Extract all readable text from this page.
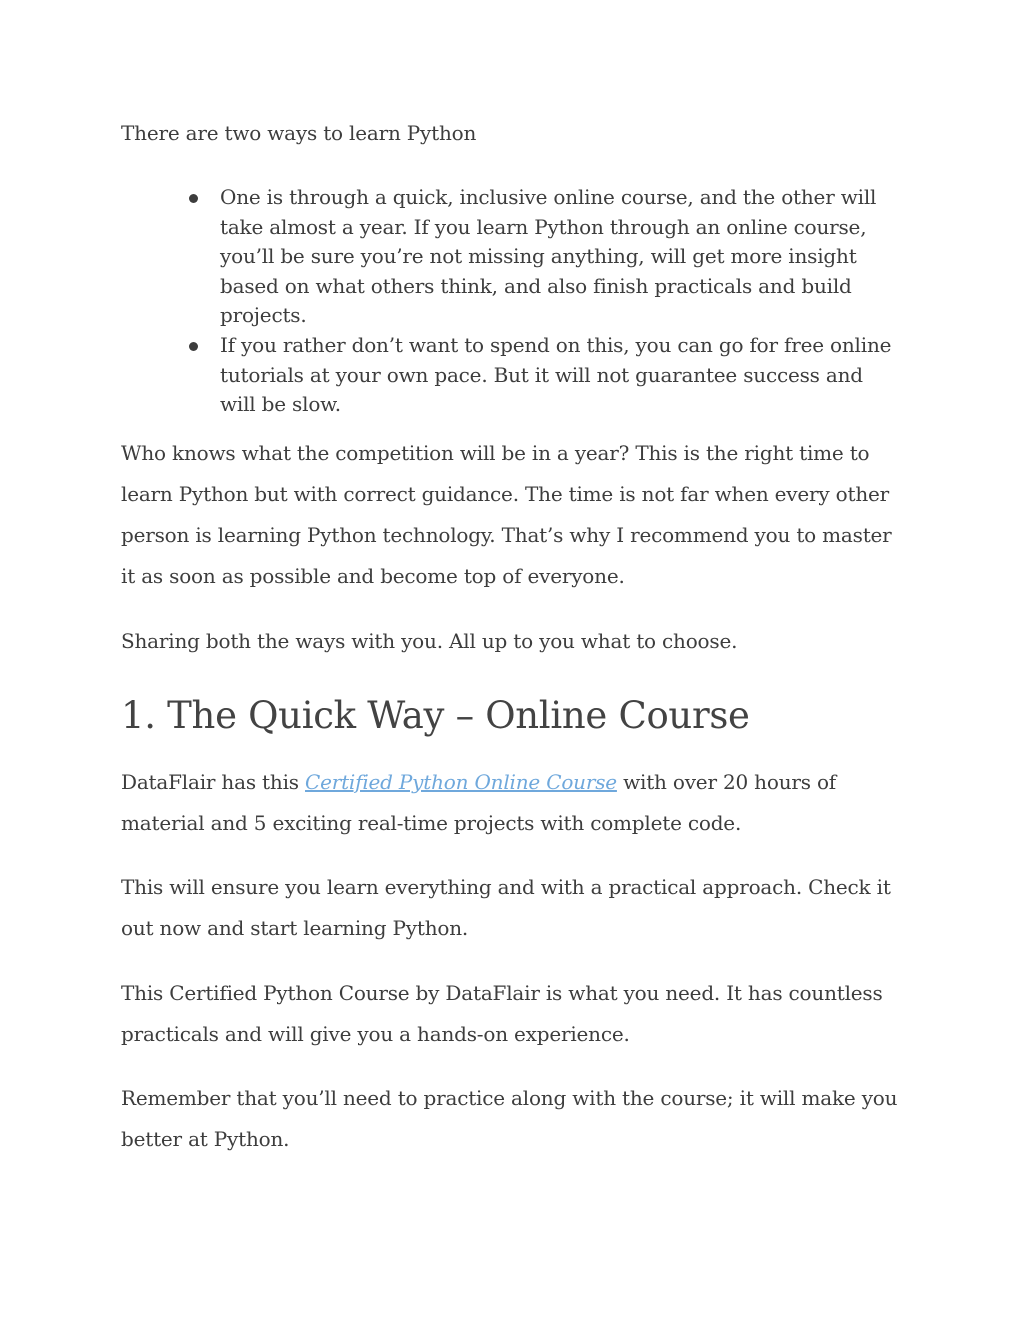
There are two ways to learn Python

One is through a quick, inclusive online course, and the other will take almost a year. If you learn Python through an online course, you’ll be sure you’re not missing anything, will get more insight based on what others think, and also finish practicals and build projects.
If you rather don’t want to spend on this, you can go for free online tutorials at your own pace. But it will not guarantee success and will be slow.

Who knows what the competition will be in a year? This is the right time to learn Python but with correct guidance. The time is not far when every other person is learning Python technology. That’s why I recommend you to master it as soon as possible and become top of everyone.

Sharing both the ways with you. All up to you what to choose.

1. The Quick Way – Online Course

DataFlair has this Certified Python Online Course with over 20 hours of material and 5 exciting real-time projects with complete code.

This will ensure you learn everything and with a practical approach. Check it out now and start learning Python.

This Certified Python Course by DataFlair is what you need. It has countless practicals and will give you a hands-on experience.

Remember that you’ll need to practice along with the course; it will make you better at Python.
